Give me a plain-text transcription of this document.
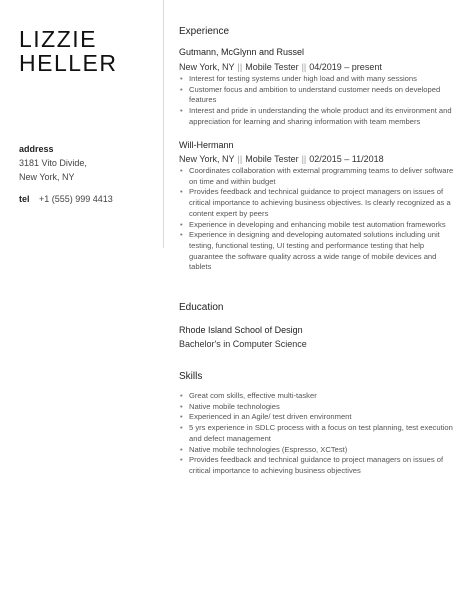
LIZZIE
HELLER
address
3181 Vito Divide,
New York, NY
tel +1 (555) 999 4413
Experience
Gutmann, McGlynn and Russel
New York, NY || Mobile Tester || 04/2019 – present
• Interest for testing systems under high load and with many sessions
• Customer focus and ambition to understand customer needs on developed features
• Interest and pride in understanding the whole product and its environment and appreciation for learning and sharing information with team members
Will-Hermann
New York, NY || Mobile Tester || 02/2015 – 11/2018
• Coordinates collaboration with external programming teams to deliver software on time and within budget
• Provides feedback and technical guidance to project managers on issues of critical importance to achieving business objectives. Is clearly recognized as a content expert by peers
• Experience in developing and enhancing mobile test automation frameworks
• Experience in designing and developing automated solutions including unit testing, functional testing, UI testing and performance testing that help guarantee the software quality across a wide range of mobile devices and tablets
Education
Rhode Island School of Design
Bachelor's in Computer Science
Skills
• Great com skills, effective multi-tasker
• Native mobile technologies
• Experienced in an Agile/ test driven environment
• 5 yrs experience in SDLC process with a focus on test planning, test execution and defect management
• Native mobile technologies (Espresso, XCTest)
• Provides feedback and technical guidance to project managers on issues of critical importance to achieving business objectives
